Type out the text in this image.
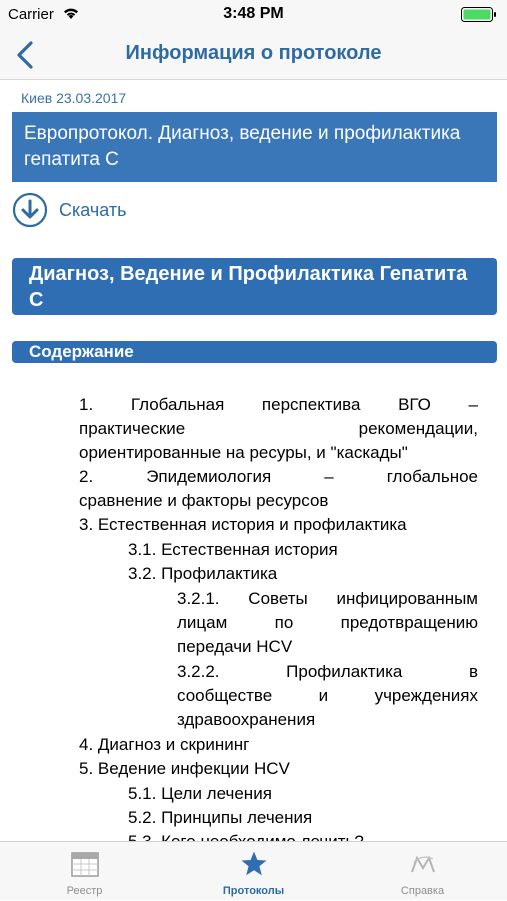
Carrier	3:48 PM
Информация о протоколе
Киев 23.03.2017
Европротокол. Диагноз, ведение и профилактика гепатита С
Скачать
Диагноз, Ведение и Профилактика Гепатита С
Содержание
1. Глобальная перспектива ВГО –
практические рекомендации,
ориентированные на ресуры, и "каскады"
2. Эпидемиология – глобальное
сравнение и факторы ресурсов
3. Естественная история и профилактика
3.1. Естественная история
3.2. Профилактика
3.2.1. Советы инфицированным
лицам по предотвращению
передачи HCV
3.2.2. Профилактика в
сообществе и учреждениях
здравоохранения
4. Диагноз и скрининг
5. Ведение инфекции HCV
5.1. Цели лечения
5.2. Принципы лечения
Реестр	Протоколы	Справка
